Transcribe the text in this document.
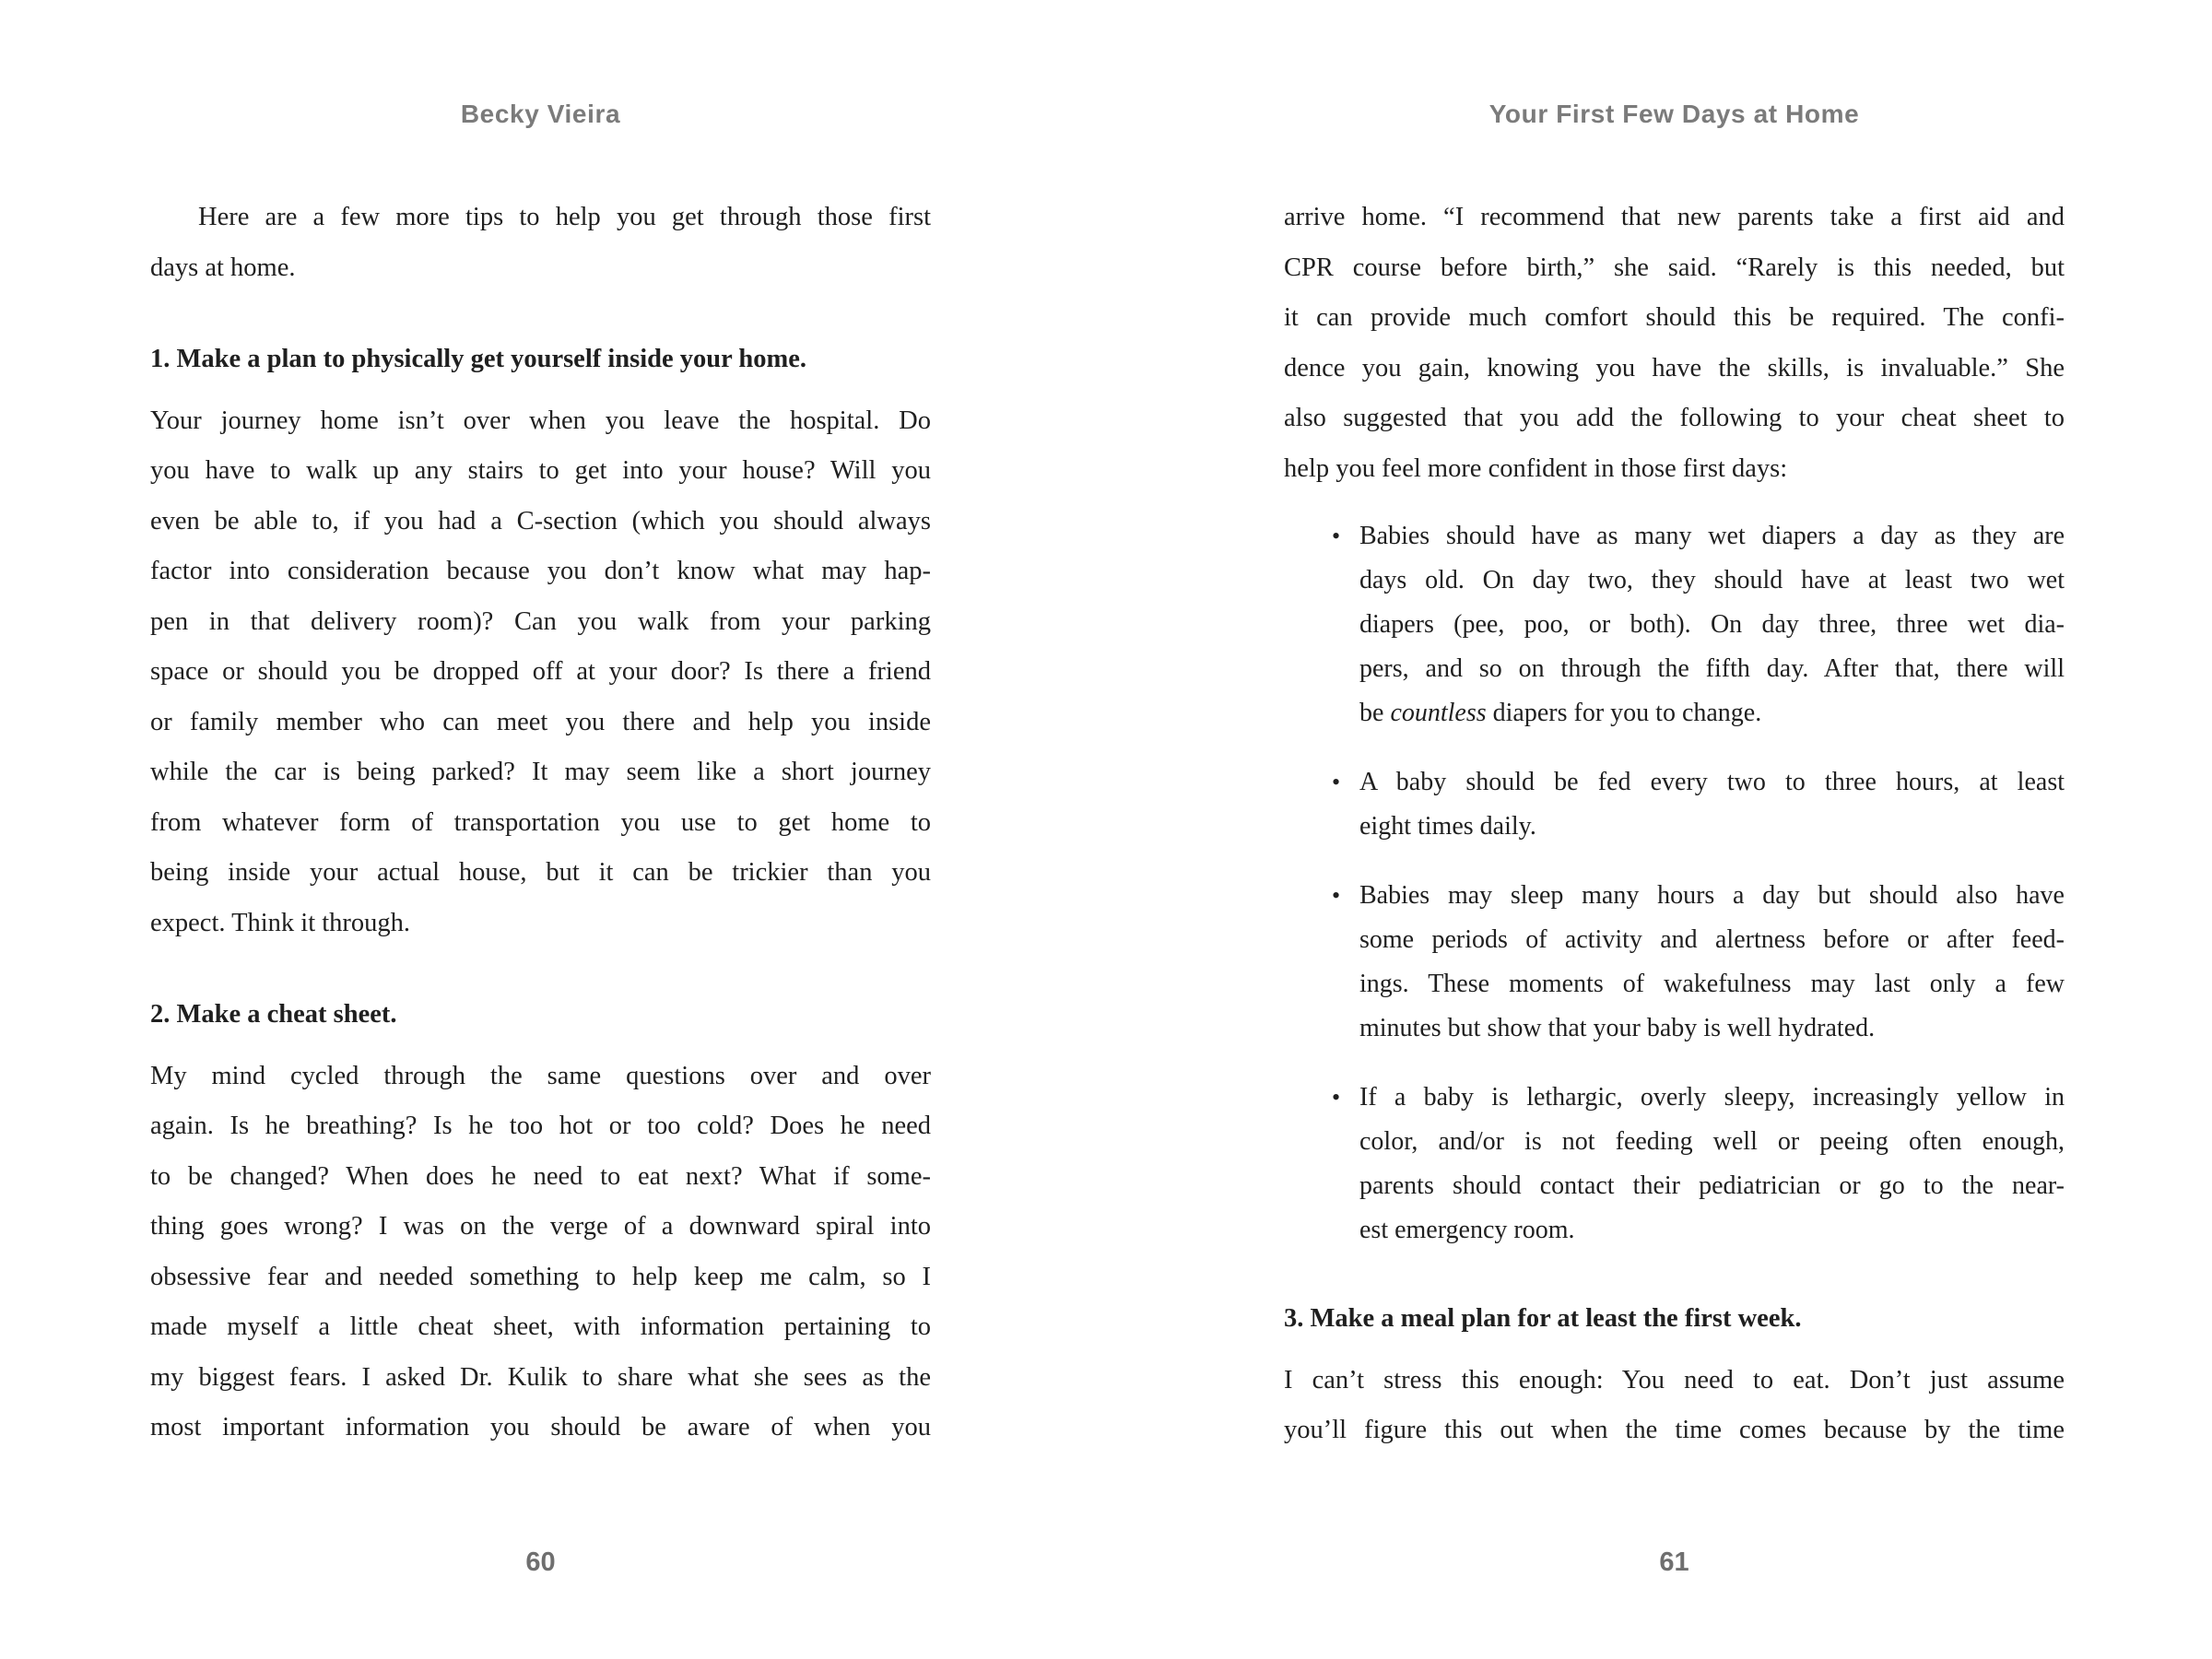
Becky Vieira
Here are a few more tips to help you get through those first
days at home.
1. Make a plan to physically get yourself inside your home.
Your journey home isn’t over when you leave the hospital. Do
you have to walk up any stairs to get into your house? Will you
even be able to, if you had a C-section (which you should always
factor into consideration because you don’t know what may hap-
pen in that delivery room)? Can you walk from your parking
space or should you be dropped off at your door? Is there a friend
or family member who can meet you there and help you inside
while the car is being parked? It may seem like a short journey
from whatever form of transportation you use to get home to
being inside your actual house, but it can be trickier than you
expect. Think it through.
2. Make a cheat sheet.
My mind cycled through the same questions over and over
again. Is he breathing? Is he too hot or too cold? Does he need
to be changed? When does he need to eat next? What if some-
thing goes wrong? I was on the verge of a downward spiral into
obsessive fear and needed something to help keep me calm, so I
made myself a little cheat sheet, with information pertaining to
my biggest fears. I asked Dr. Kulik to share what she sees as the
most important information you should be aware of when you
60
Your First Few Days at Home
arrive home. “I recommend that new parents take a first aid and
CPR course before birth,” she said. “Rarely is this needed, but
it can provide much comfort should this be required. The confi-
dence you gain, knowing you have the skills, is invaluable.” She
also suggested that you add the following to your cheat sheet to
help you feel more confident in those first days:
• Babies should have as many wet diapers a day as they are
days old. On day two, they should have at least two wet
diapers (pee, poo, or both). On day three, three wet dia-
pers, and so on through the fifth day. After that, there will
be countless diapers for you to change.
• A baby should be fed every two to three hours, at least
eight times daily.
• Babies may sleep many hours a day but should also have
some periods of activity and alertness before or after feed-
ings. These moments of wakefulness may last only a few
minutes but show that your baby is well hydrated.
• If a baby is lethargic, overly sleepy, increasingly yellow in
color, and/or is not feeding well or peeing often enough,
parents should contact their pediatrician or go to the near-
est emergency room.
3. Make a meal plan for at least the first week.
I can’t stress this enough: You need to eat. Don’t just assume
you’ll figure this out when the time comes because by the time
61
